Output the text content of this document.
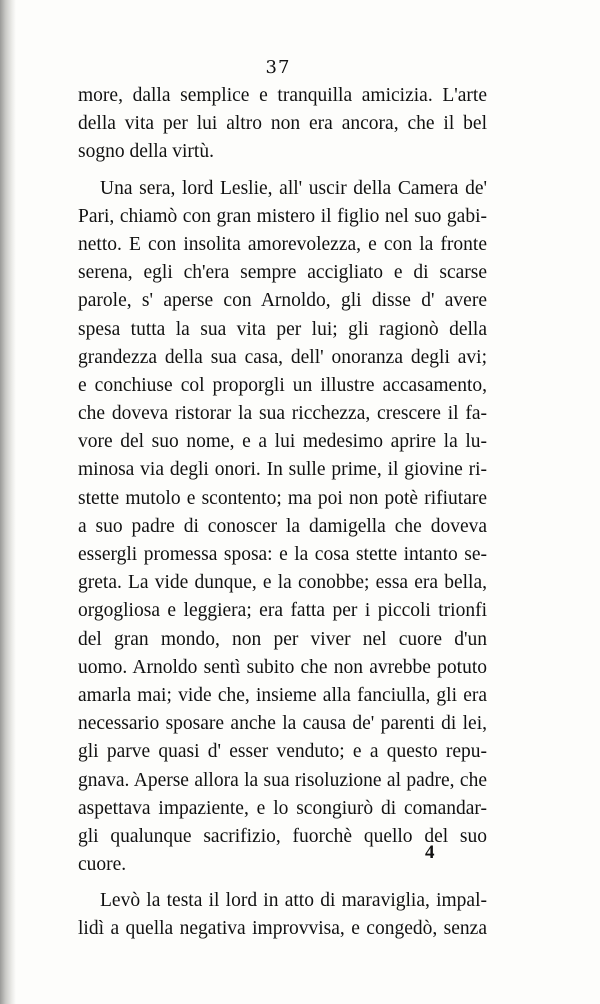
37
more, dalla semplice e tranquilla amicizia. L'arte
della vita per lui altro non era ancora, che il bel
sogno della virtù.
Una sera, lord Leslie, all' uscir della Camera de'
Pari, chiamò con gran mistero il figlio nel suo gabi-
netto. E con insolita amorevolezza, e con la fronte
serena, egli ch'era sempre accigliato e di scarse
parole, s' aperse con Arnoldo, gli disse d' avere
spesa tutta la sua vita per lui; gli ragionò della
grandezza della sua casa, dell' onoranza degli avi;
e conchiuse col proporgli un illustre accasamento,
che doveva ristorar la sua ricchezza, crescere il fa-
vore del suo nome, e a lui medesimo aprire la lu-
minosa via degli onori. In sulle prime, il giovine ri-
stette mutolo e scontento; ma poi non potè rifiutare
a suo padre di conoscer la damigella che doveva
essergli promessa sposa: e la cosa stette intanto se-
greta. La vide dunque, e la conobbe; essa era bella,
orgogliosa e leggiera; era fatta per i piccoli trionfi
del gran mondo, non per viver nel cuore d'un
uomo. Arnoldo sentì subito che non avrebbe potuto
amarla mai; vide che, insieme alla fanciulla, gli era
necessario sposare anche la causa de' parenti di lei,
gli parve quasi d' esser venduto; e a questo repu-
gnava. Aperse allora la sua risoluzione al padre, che
aspettava impaziente, e lo scongiurò di comandar-
gli qualunque sacrifizio, fuorchè quello del suo
cuore.
Levò la testa il lord in atto di maraviglia, impal-
lidì a quella negativa improvvisa, e congedò, senza
4
